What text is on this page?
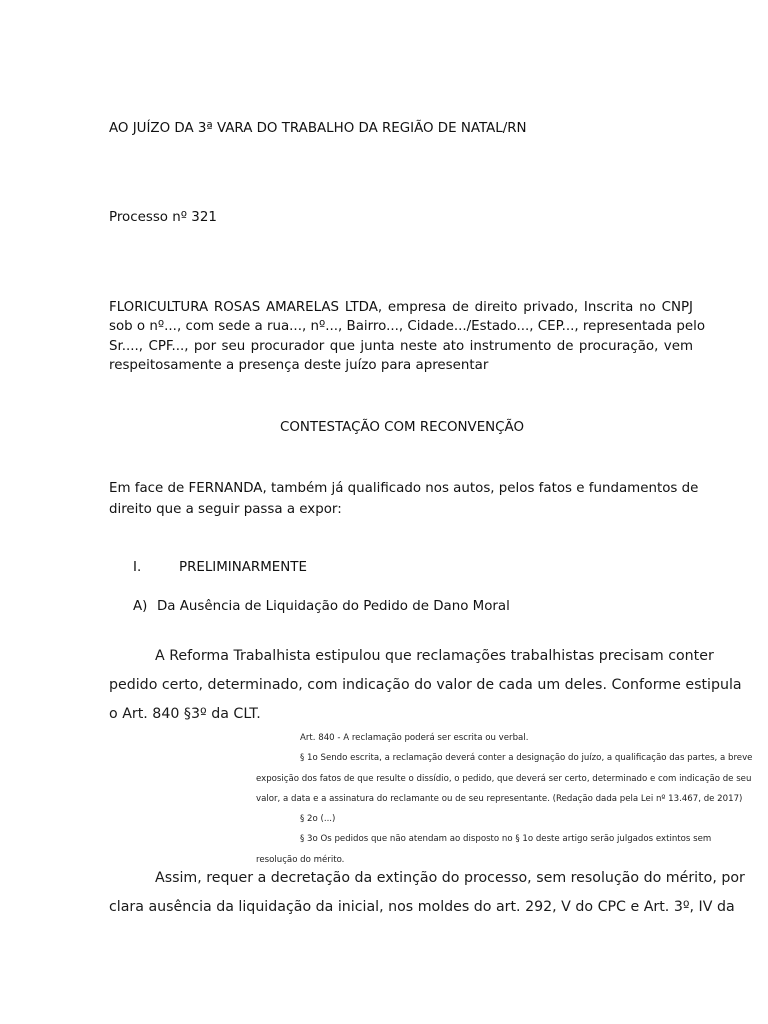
AO JUÍZO DA 3ª VARA DO TRABALHO DA REGIÃO DE NATAL/RN
Processo nº 321
FLORICULTURA ROSAS AMARELAS LTDA, empresa de direito privado, Inscrita no CNPJ
sob o nº..., com sede a rua..., nº..., Bairro..., Cidade.../Estado..., CEP..., representada pelo
Sr...., CPF..., por seu procurador que junta neste ato instrumento de procuração, vem
respeitosamente a presença deste juízo para apresentar
CONTESTAÇÃO COM RECONVENÇÃO
Em face de FERNANDA, também já qualificado nos autos, pelos fatos e fundamentos de
direito que a seguir passa a expor:
I.	PRELIMINARMENTE
A) Da Ausência de Liquidação do Pedido de Dano Moral
A Reforma Trabalhista estipulou que reclamações trabalhistas precisam conter
pedido certo, determinado, com indicação do valor de cada um deles. Conforme estipula
o Art. 840 §3º da CLT.
Art. 840 - A reclamação poderá ser escrita ou verbal.
§ 1o Sendo escrita, a reclamação deverá conter a designação do juízo, a qualificação das partes, a breve
exposição dos fatos de que resulte o dissídio, o pedido, que deverá ser certo, determinado e com indicação de seu
valor, a data e a assinatura do reclamante ou de seu representante. (Redação dada pela Lei nº 13.467, de 2017)
§ 2o (...)
§ 3o Os pedidos que não atendam ao disposto no § 1o deste artigo serão julgados extintos sem
resolução do mérito.
Assim, requer a decretação da extinção do processo, sem resolução do mérito, por
clara ausência da liquidação da inicial, nos moldes do art. 292, V do CPC e Art. 3º, IV da
